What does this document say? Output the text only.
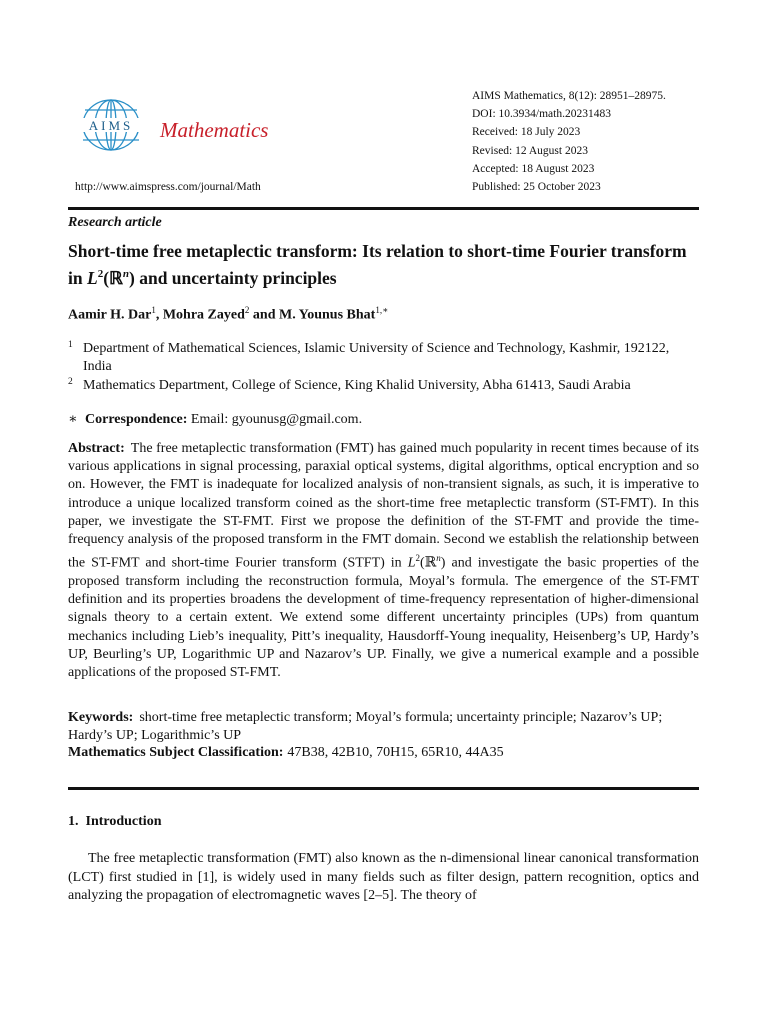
AIMS Mathematics
http://www.aimspress.com/journal/Math
AIMS Mathematics, 8(12): 28951–28975.
DOI: 10.3934/math.20231483
Received: 18 July 2023
Revised: 12 August 2023
Accepted: 18 August 2023
Published: 25 October 2023
Research article
Short-time free metaplectic transform: Its relation to short-time Fourier transform in $L^2(ℝ^n)$ and uncertainty principles
Aamir H. Dar$^1$, Mohra Zayed$^2$ and M. Younus Bhat$^{1,∗}$
1 Department of Mathematical Sciences, Islamic University of Science and Technology, Kashmir, 192122, India
2 Mathematics Department, College of Science, King Khalid University, Abha 61413, Saudi Arabia
∗ Correspondence: Email: gyounusg@gmail.com.
Abstract: The free metaplectic transformation (FMT) has gained much popularity in recent times because of its various applications in signal processing, paraxial optical systems, digital algorithms, optical encryption and so on. However, the FMT is inadequate for localized analysis of non-transient signals, as such, it is imperative to introduce a unique localized transform coined as the short-time free metaplectic transform (ST-FMT). In this paper, we investigate the ST-FMT. First we propose the definition of the ST-FMT and provide the time-frequency analysis of the proposed transform in the FMT domain. Second we establish the relationship between the ST-FMT and short-time Fourier transform (STFT) in $L^2(ℝ^n)$ and investigate the basic properties of the proposed transform including the reconstruction formula, Moyal’s formula. The emergence of the ST-FMT definition and its properties broadens the development of time-frequency representation of higher-dimensional signals theory to a certain extent. We extend some different uncertainty principles (UPs) from quantum mechanics including Lieb’s inequality, Pitt’s inequality, Hausdorff-Young inequality, Heisenberg’s UP, Hardy’s UP, Beurling’s UP, Logarithmic UP and Nazarov’s UP. Finally, we give a numerical example and a possible applications of the proposed ST-FMT.
Keywords: short-time free metaplectic transform; Moyal’s formula; uncertainty principle; Nazarov’s UP; Hardy’s UP; Logarithmic’s UP
Mathematics Subject Classification: 47B38, 42B10, 70H15, 65R10, 44A35
1. Introduction
The free metaplectic transformation (FMT) also known as the n-dimensional linear canonical transformation (LCT) first studied in [1], is widely used in many fields such as filter design, pattern recognition, optics and analyzing the propagation of electromagnetic waves [2–5]. The theory of
